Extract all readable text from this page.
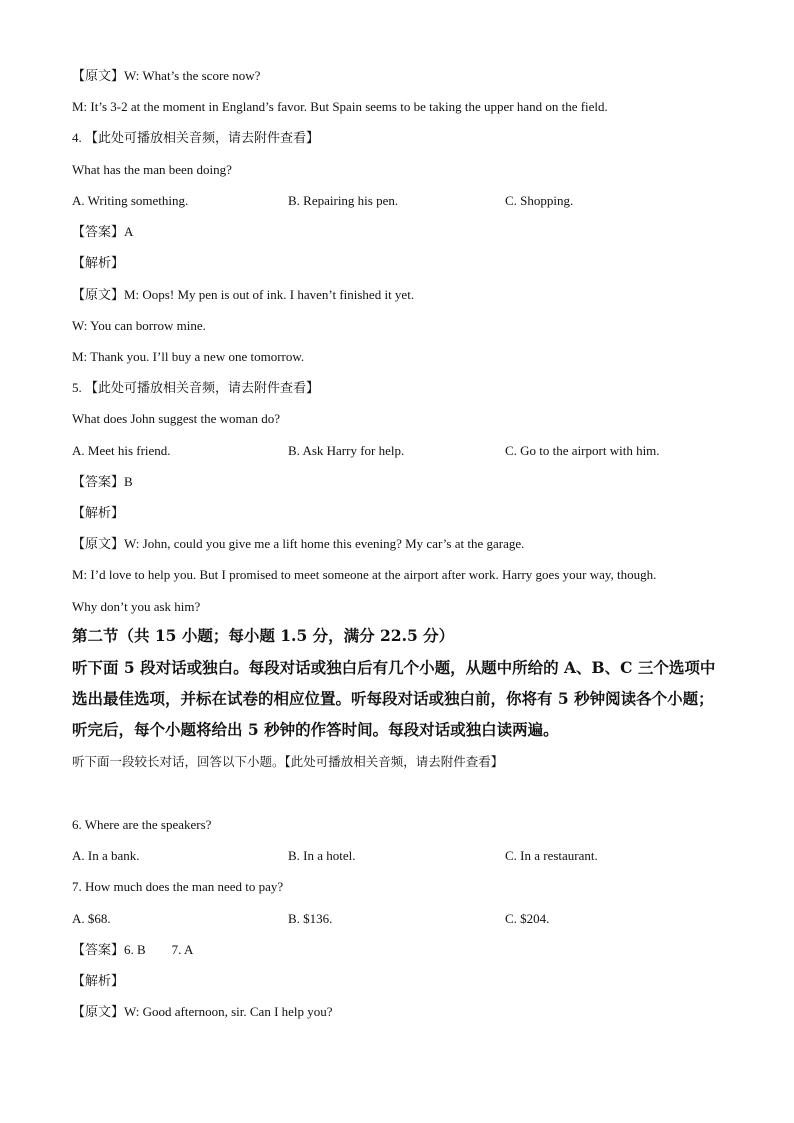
【原文】W: What’s the score now?
M: It’s 3-2 at the moment in England’s favor. But Spain seems to be taking the upper hand on the field.
4. 【此处可播放相关音频，请去附件查看】
What has the man been doing?
A. Writing something.	B. Repairing his pen.	C. Shopping.
【答案】A
【解析】
【原文】M: Oops! My pen is out of ink. I haven’t finished it yet.
W: You can borrow mine.
M: Thank you. I’ll buy a new one tomorrow.
5. 【此处可播放相关音频，请去附件查看】
What does John suggest the woman do?
A. Meet his friend.	B. Ask Harry for help.	C. Go to the airport with him.
【答案】B
【解析】
【原文】W: John, could you give me a lift home this evening? My car’s at the garage.
M: I’d love to help you. But I promised to meet someone at the airport after work. Harry goes your way, though.
Why don’t you ask him?
第二节（共 15 小题；每小题 1.5 分，满分 22.5 分）
听下面 5 段对话或独白。每段对话或独白后有几个小题，从题中所给的 A、B、C 三个选项中
选出最佳选项，并标在试卷的相应位置。听每段对话或独白前，你将有 5 秒钟阅读各个小题；
听完后，每个小题将给出 5 秒钟的作答时间。每段对话或独白读两遍。
听下面一段较长对话，回答以下小题。【此处可播放相关音频，请去附件查看】
6. Where are the speakers?
A. In a bank.	B. In a hotel.	C. In a restaurant.
7. How much does the man need to pay?
A. $68.	B. $136.	C. $204.
【答案】6. B        7. A
【解析】
【原文】W: Good afternoon, sir. Can I help you?
